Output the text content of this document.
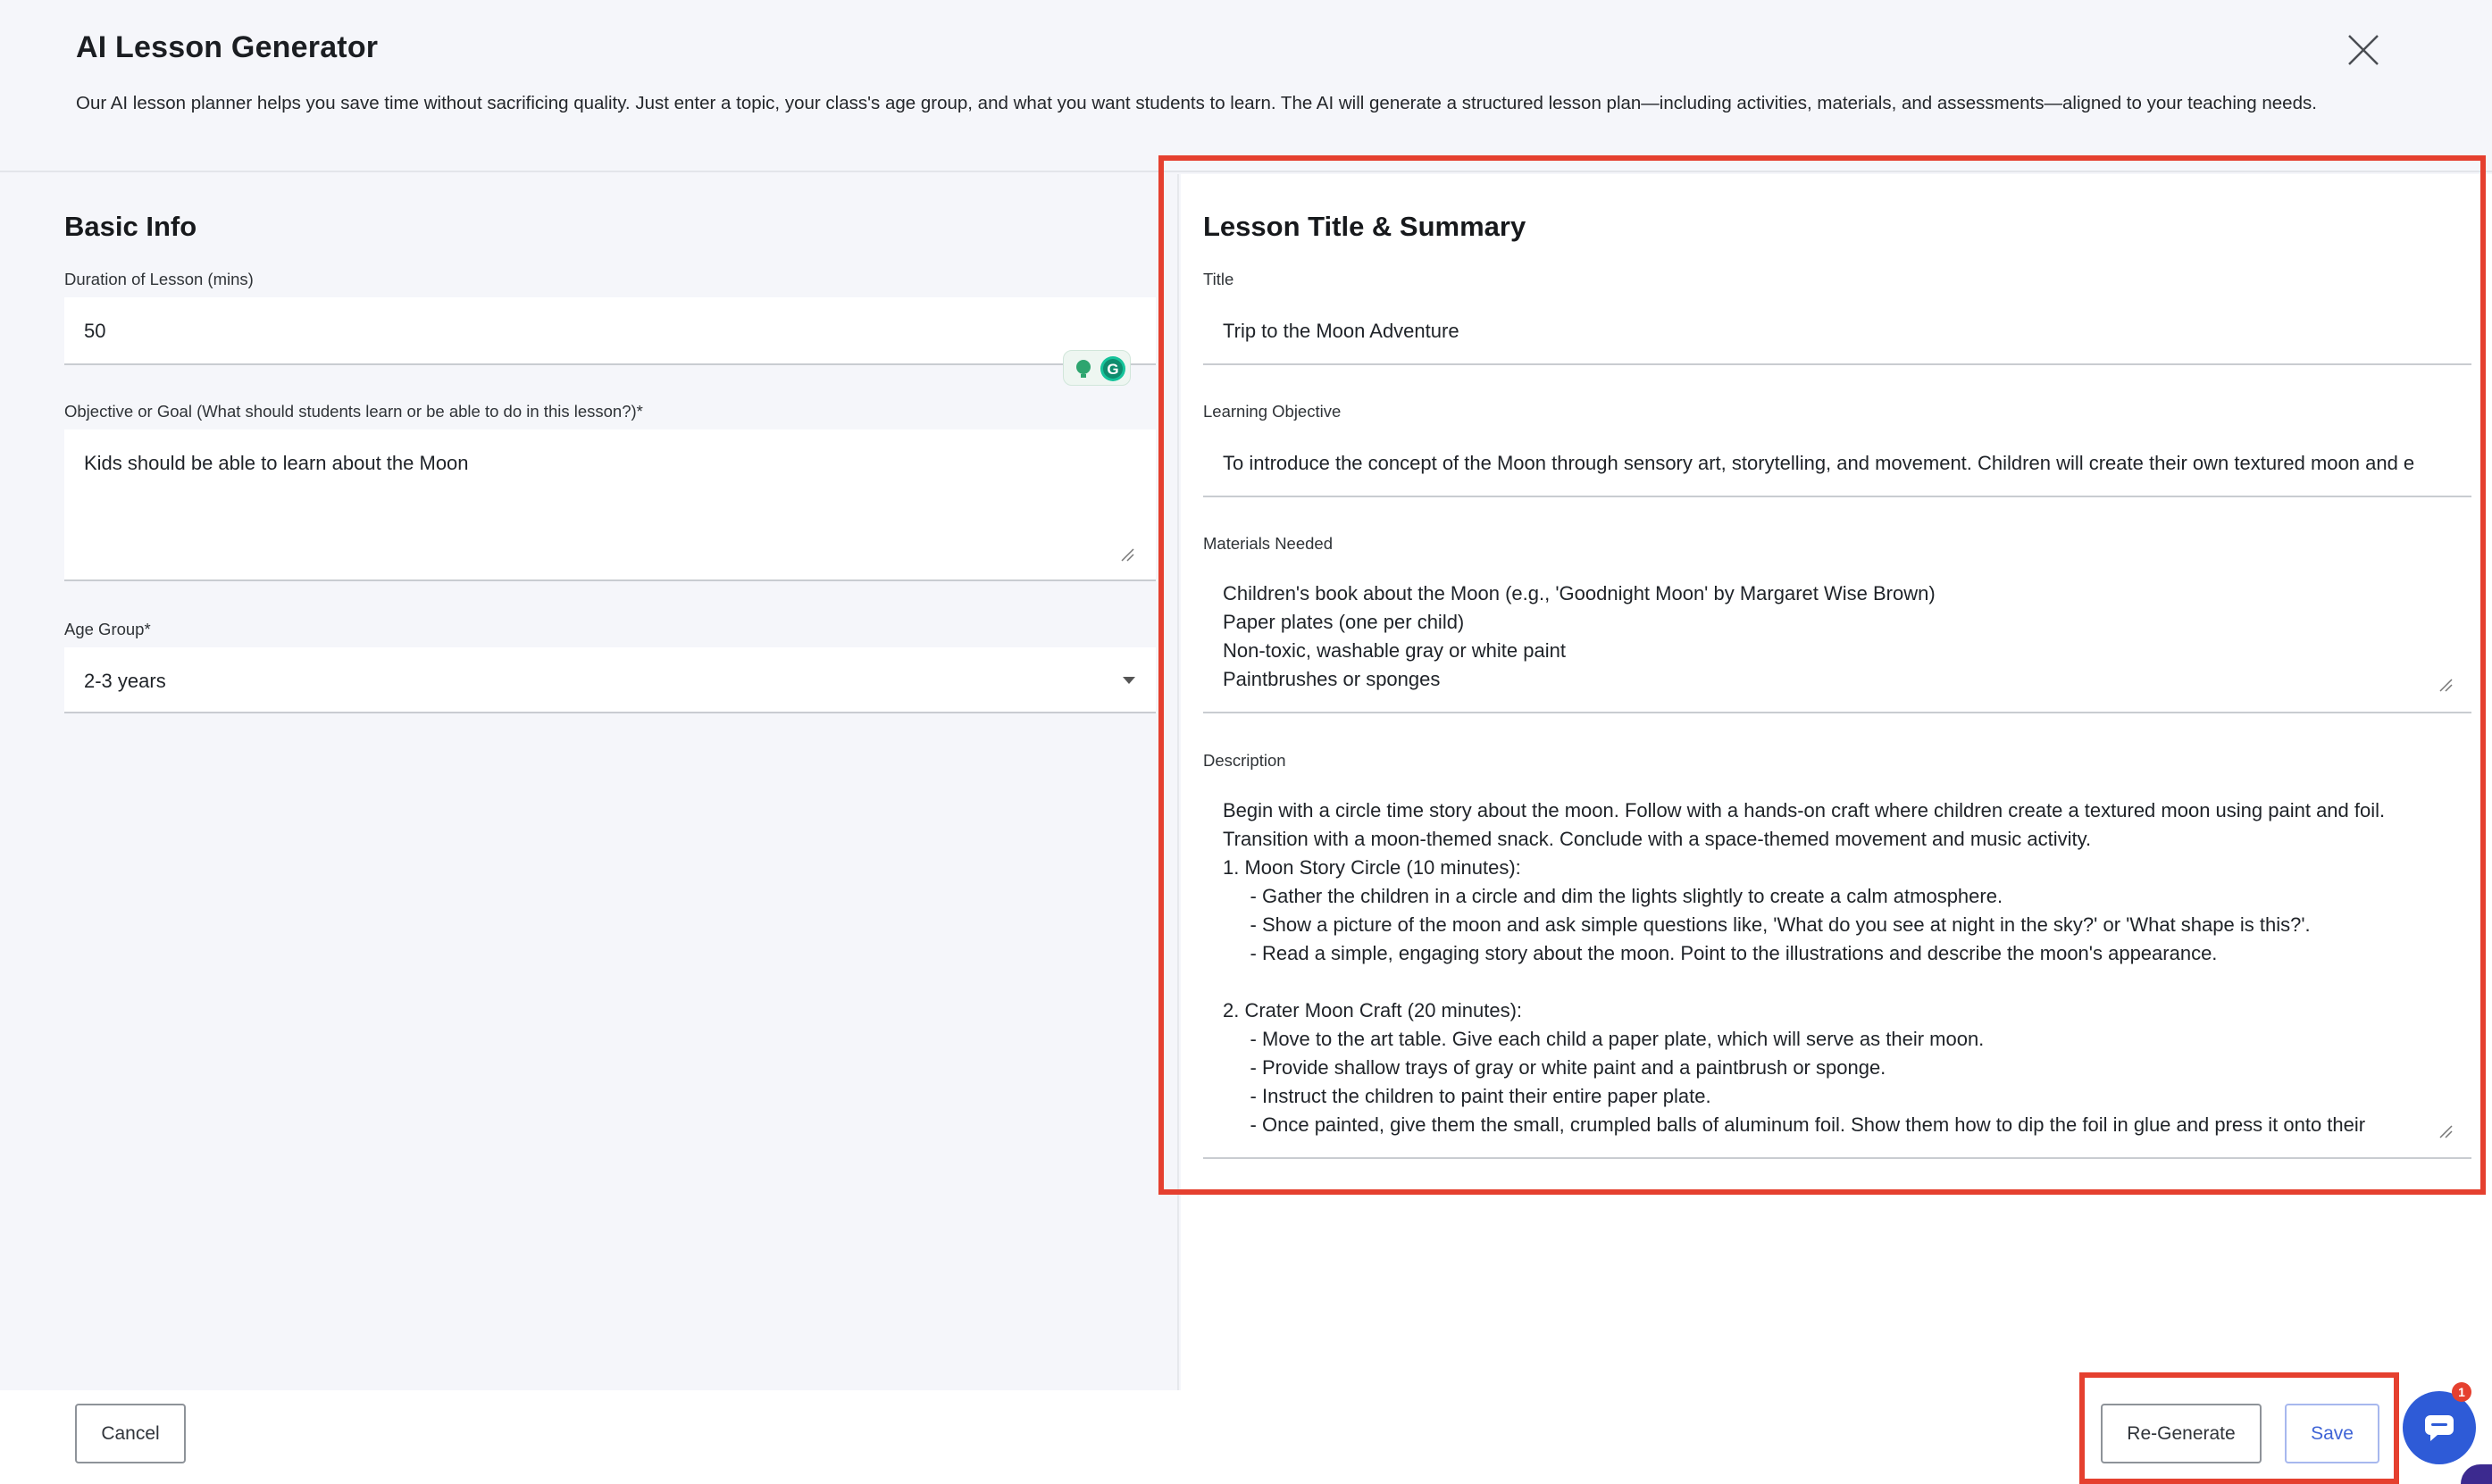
AI Lesson Generator

Our AI lesson planner helps you save time without sacrificing quality. Just enter a topic, your class's age group, and what you want students to learn. The AI will generate a structured lesson plan—including activities, materials, and assessments—aligned to your teaching needs.

Basic Info
Duration of Lesson (mins)
50
Objective or Goal (What should students learn or be able to do in this lesson?)*
Kids should be able to learn about the Moon
G
Age Group*
2-3 years
Lesson Title & Summary
Title
Trip to the Moon Adventure
Learning Objective
To introduce the concept of the Moon through sensory art, storytelling, and movement. Children will create their own textured moon and e
Materials Needed
Children's book about the Moon (e.g., 'Goodnight Moon' by Margaret Wise Brown)
Paper plates (one per child)
Non-toxic, washable gray or white paint
Paintbrushes or sponges
Description
Begin with a circle time story about the moon. Follow with a hands-on craft where children create a textured moon using paint and foil.
Transition with a moon-themed snack. Conclude with a space-themed movement and music activity.
1. Moon Story Circle (10 minutes):
- Gather the children in a circle and dim the lights slightly to create a calm atmosphere.
- Show a picture of the moon and ask simple questions like, 'What do you see at night in the sky?' or 'What shape is this?'.
- Read a simple, engaging story about the moon. Point to the illustrations and describe the moon's appearance.

2. Crater Moon Craft (20 minutes):
- Move to the art table. Give each child a paper plate, which will serve as their moon.
- Provide shallow trays of gray or white paint and a paintbrush or sponge.
- Instruct the children to paint their entire paper plate.
- Once painted, give them the small, crumpled balls of aluminum foil. Show them how to dip the foil in glue and press it onto their
Cancel	Re-Generate	Save
1
